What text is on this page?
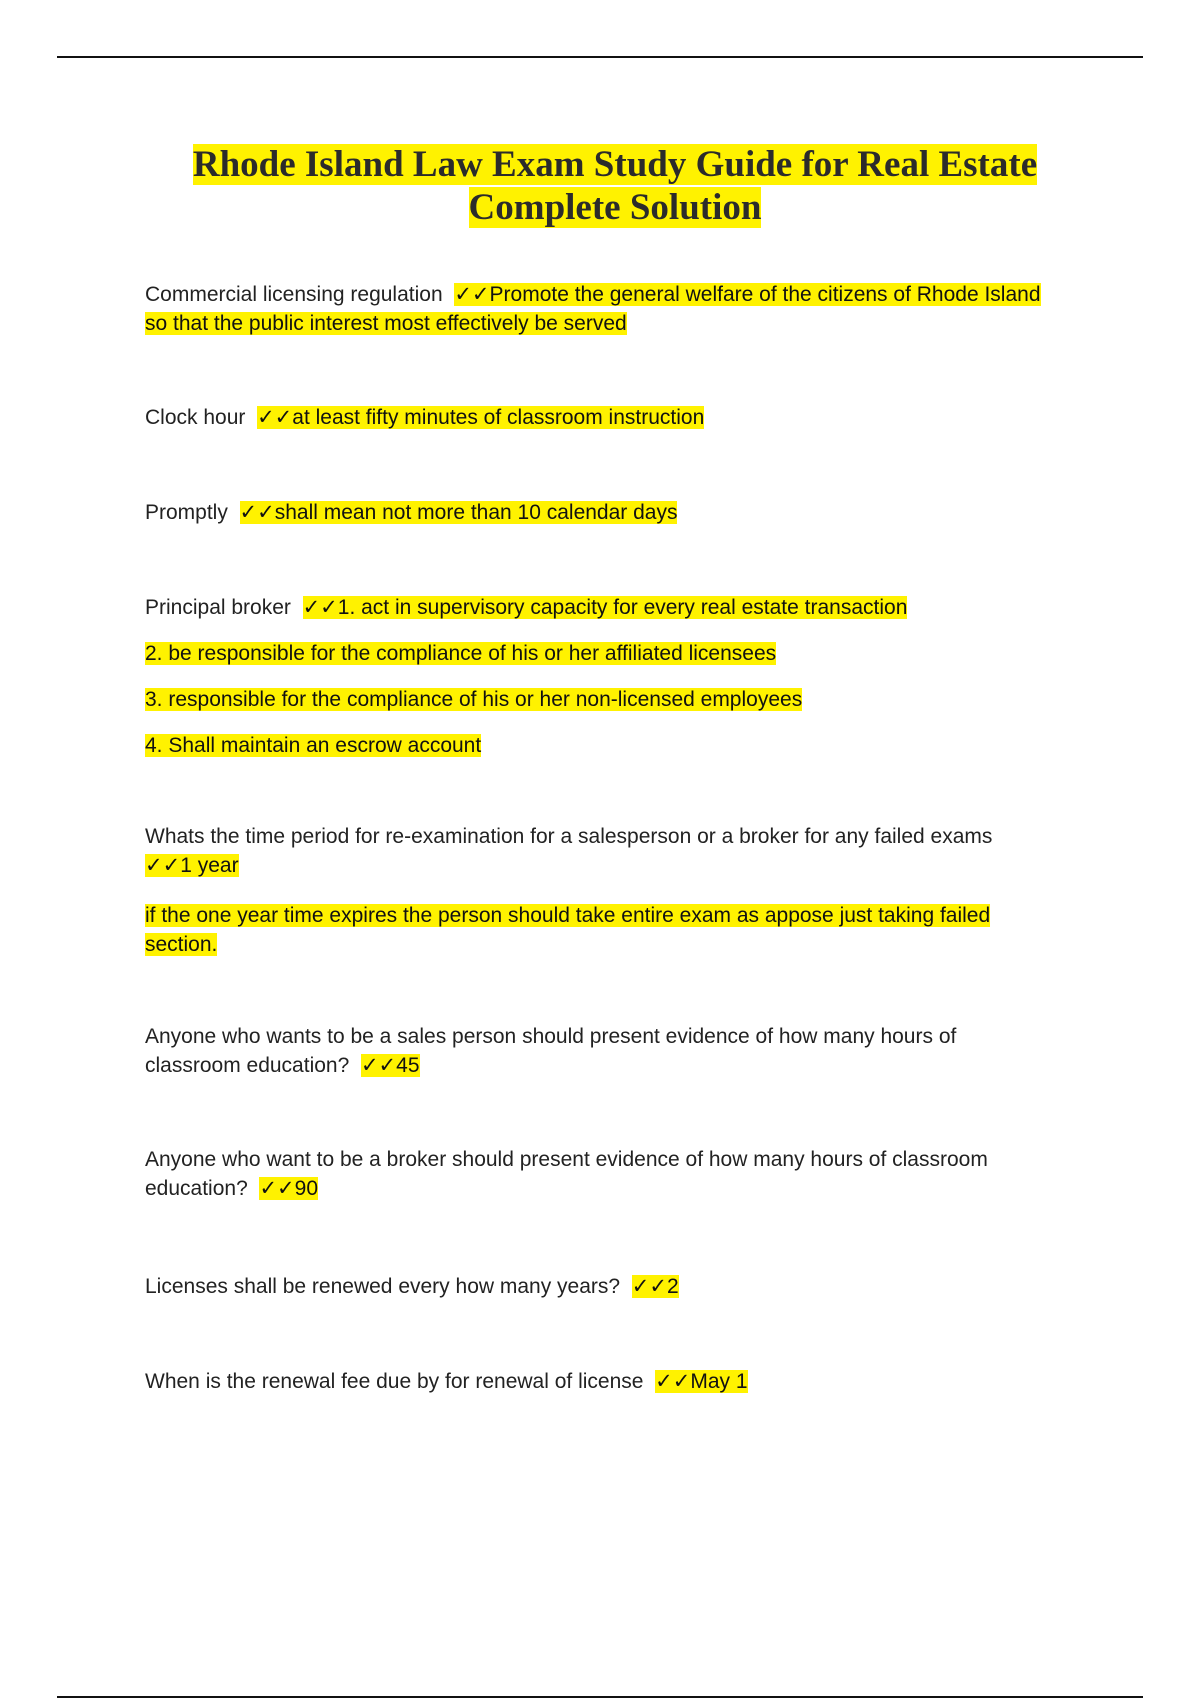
Rhode Island Law Exam Study Guide for Real Estate
Complete Solution

Commercial licensing regulation ✓✓Promote the general welfare of the citizens of Rhode Island so that the public interest most effectively be served

Clock hour ✓✓at least fifty minutes of classroom instruction

Promptly ✓✓shall mean not more than 10 calendar days

Principal broker ✓✓1. act in supervisory capacity for every real estate transaction

2. be responsible for the compliance of his or her affiliated licensees

3. responsible for the compliance of his or her non-licensed employees

4. Shall maintain an escrow account

Whats the time period for re-examination for a salesperson or a broker for any failed exams ✓✓1 year

if the one year time expires the person should take entire exam as appose just taking failed section.

Anyone who wants to be a sales person should present evidence of how many hours of classroom education? ✓✓45

Anyone who want to be a broker should present evidence of how many hours of classroom education? ✓✓90

Licenses shall be renewed every how many years? ✓✓2

When is the renewal fee due by for renewal of license ✓✓May 1
